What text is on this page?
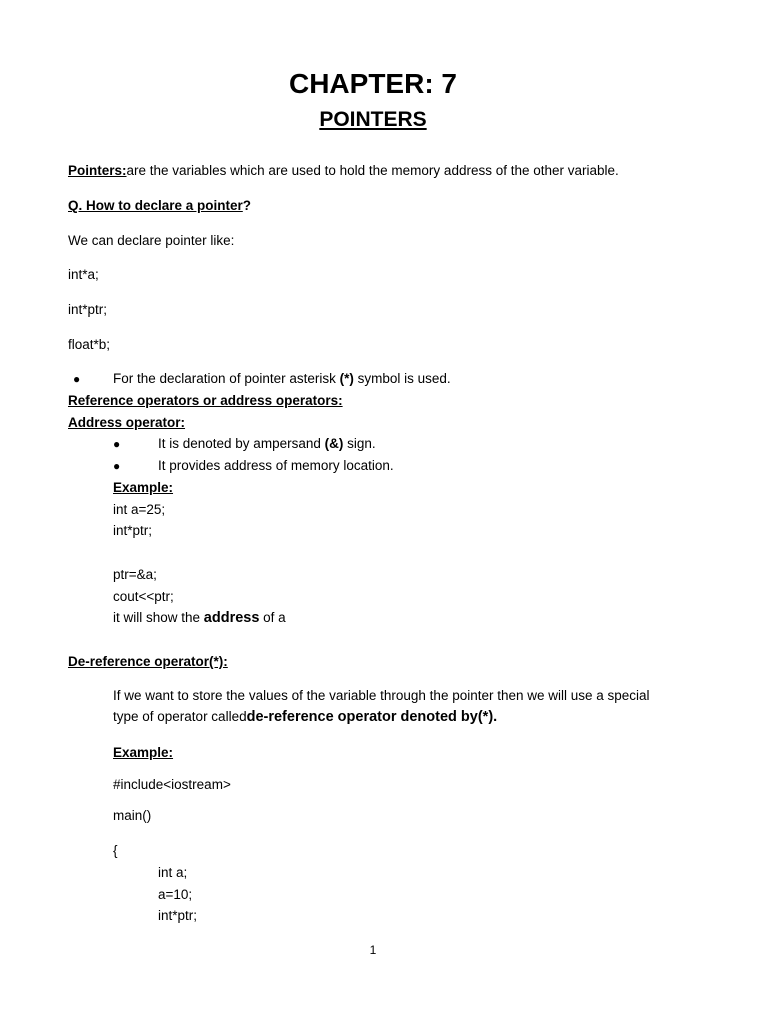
CHAPTER: 7
POINTERS
Pointers:are the variables which are used to hold the memory address of the other variable.
Q. How to declare a pointer?
We can declare pointer like:
int*a;
int*ptr;
float*b;
● For the declaration of pointer asterisk (*) symbol is used.
Reference operators or address operators:
Address operator:
●	It is denoted by ampersand (&) sign.
●	It provides address of memory location.
Example:
int a=25;
int*ptr;
ptr=&a;
cout<<ptr;
it will show the address of a
De-reference operator(*):
If we want to store the values of the variable through the pointer then we will use a special
type of operator calledde-reference operator denoted by(*).
Example:
#include<iostream>
main()
{
int a;
a=10;
int*ptr;
1
